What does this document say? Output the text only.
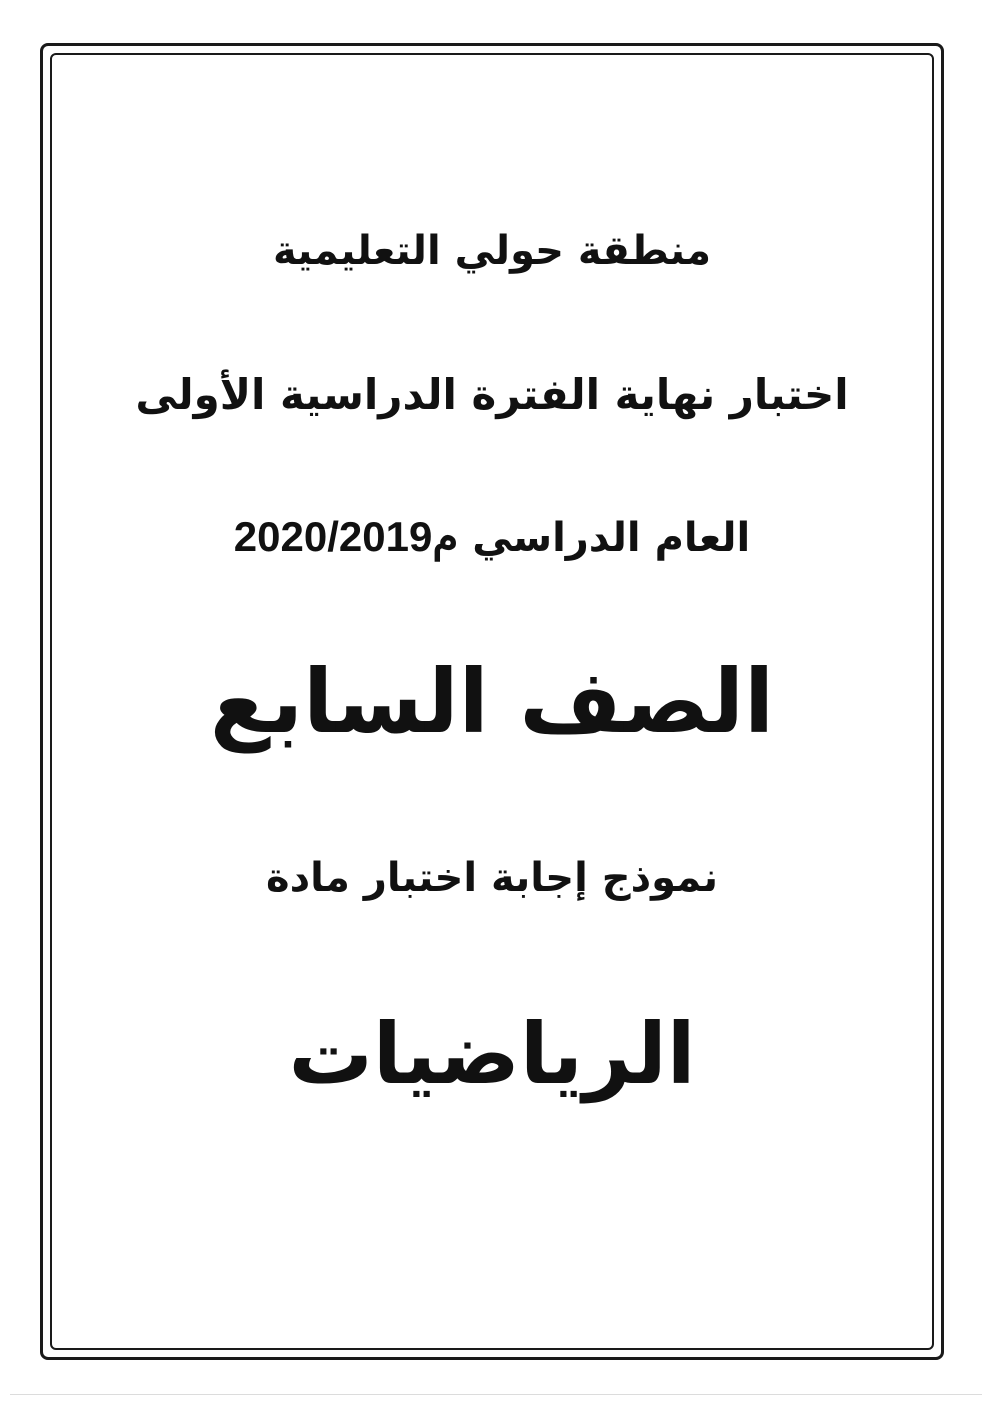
منطقة حولي التعليمية
اختبار نهاية الفترة الدراسية الأولى
العام الدراسي 2020/2019م
الصف السابع
نموذج إجابة اختبار مادة
الرياضيات
